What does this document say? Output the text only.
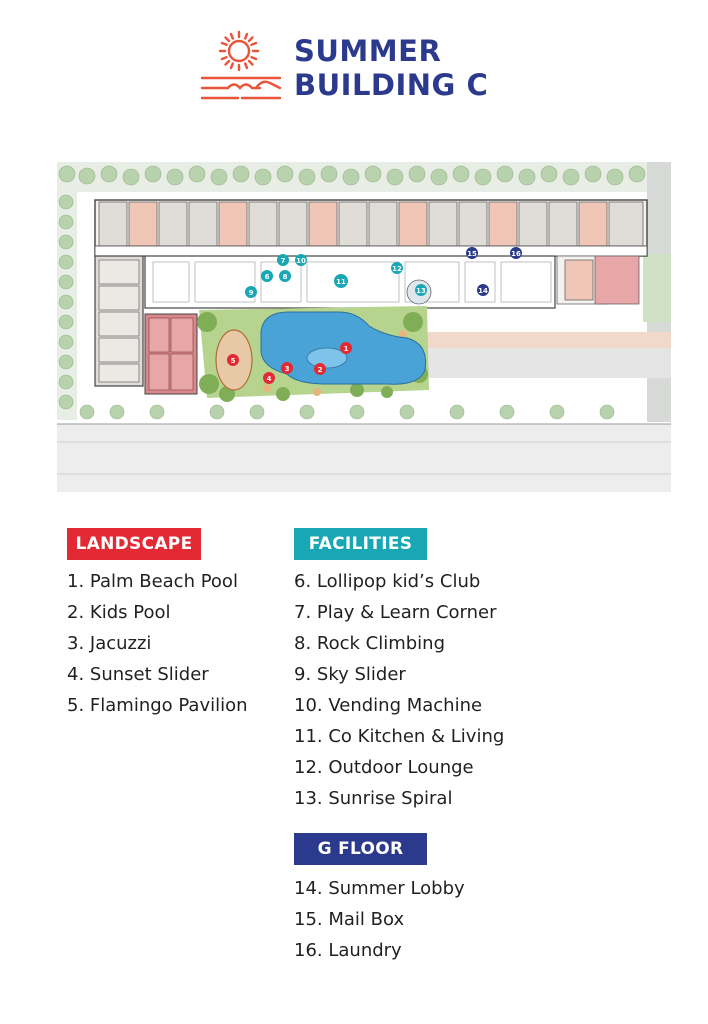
SUMMER
BUILDING C
1
2
3
4
5
6
7
8
9
10
11
12
13	14
15	16
LANDSCAPE
1. Palm Beach Pool
2. Kids Pool
3. Jacuzzi
4. Sunset Slider
5. Flamingo Pavilion
FACILITIES
6. Lollipop kid’s Club
7. Play & Learn Corner
8. Rock Climbing
9. Sky Slider
10. Vending Machine
11. Co Kitchen & Living
12. Outdoor Lounge
13. Sunrise Spiral
G FLOOR
14. Summer Lobby
15. Mail Box
16. Laundry
